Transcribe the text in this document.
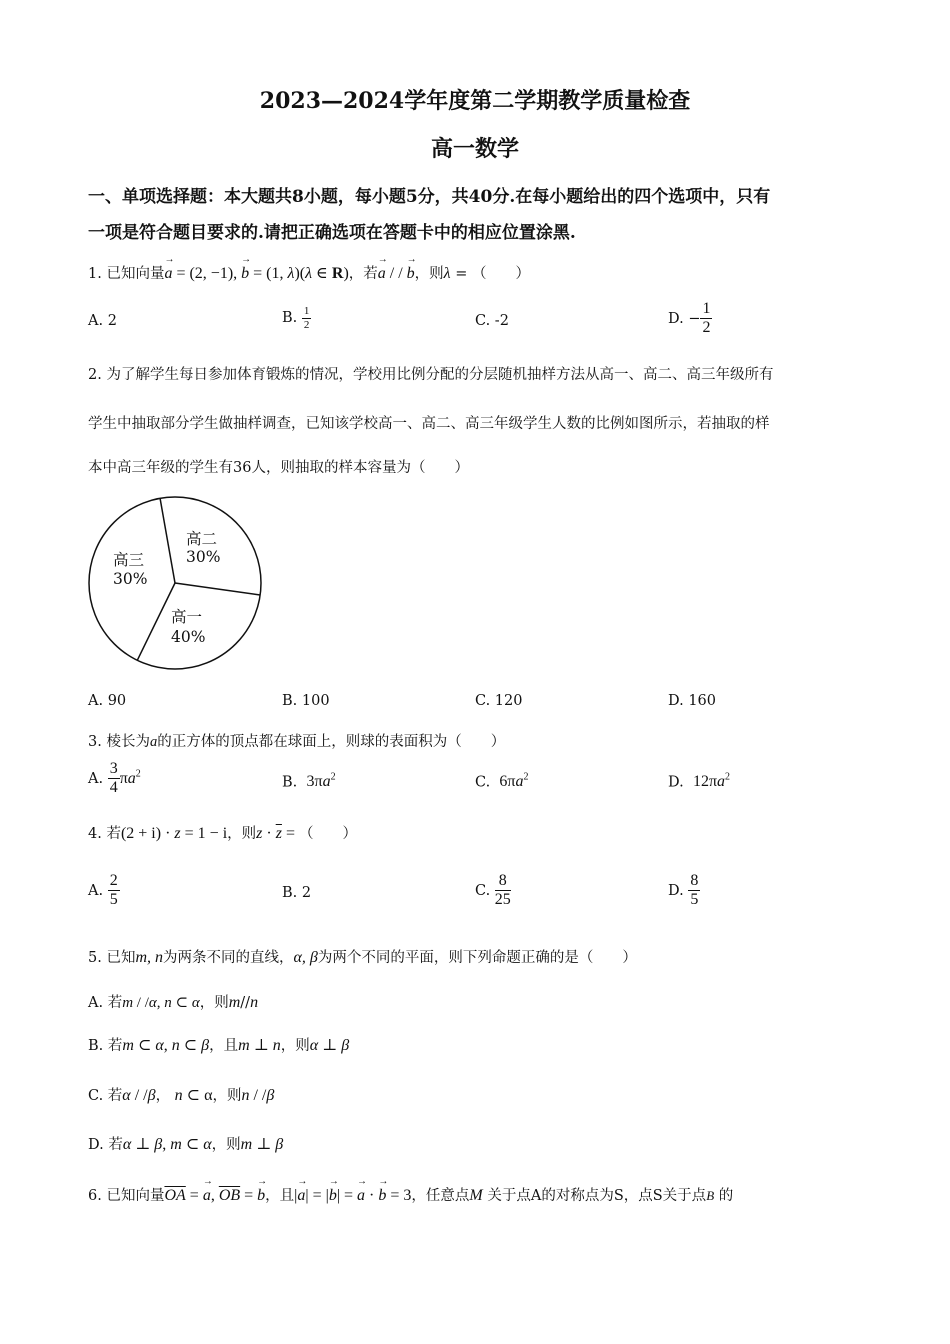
2023—2024学年度第二学期教学质量检查
高一数学
一、单项选择题：本大题共8小题，每小题5分，共40分.在每小题给出的四个选项中，只有
一项是符合题目要求的.请把正确选项在答题卡中的相应位置涂黑.
1. 已知向量→ a = (2, −1), → b = (1, λ)(λ ∈ R)，若→ a / / → b，则λ = （　　）
A. 2	B. $\frac{1}{2}$	C. -2	D. − $\frac{1}{2}$
2. 为了解学生每日参加体育锻炼的情况，学校用比例分配的分层随机抽样方法从高一、高二、高三年级所有
学生中抽取部分学生做抽样调查，已知该学校高一、高二、高三年级学生人数的比例如图所示，若抽取的样
本中高三年级的学生有36人，则抽取的样本容量为（　　）
高二
30%
高三
30%
高一
40%
A. 90	B. 100	C. 120	D. 160
3. 棱长为a的正方体的顶点都在球面上，则球的表面积为（　　）
A. $\frac{3}{4} \pi a^2$
B. $3\pi a^2$	C. $6\pi a^2$	D. $12\pi a^2$
4. 若(2 + i) · z = 1 − i，则$z \cdot \overline{z}$ = （　　）
A. $\frac{2}{5}$	B. 2	C. $\frac{8}{25}$	D. $\frac{8}{5}$
5. 已知m, n为两条不同的直线，α, β为两个不同的平面，则下列命题正确的是（　　）
A. 若m / /α, n ⊂ α，则m//n
B. 若m ⊂ α, n ⊂ β，且m ⊥ n，则α ⊥ β
C. 若α / /β， n ⊂ α，则n / /β
D. 若α ⊥ β, m ⊂ α，则m ⊥ β
6. 已知向量$\overline{OA}$ = → a, $\overline{OB}$ = → b，且|→ a| = |→ b| = → a · → b = 3，任意点M 关于点A的对称点为S，点S关于点B 的
